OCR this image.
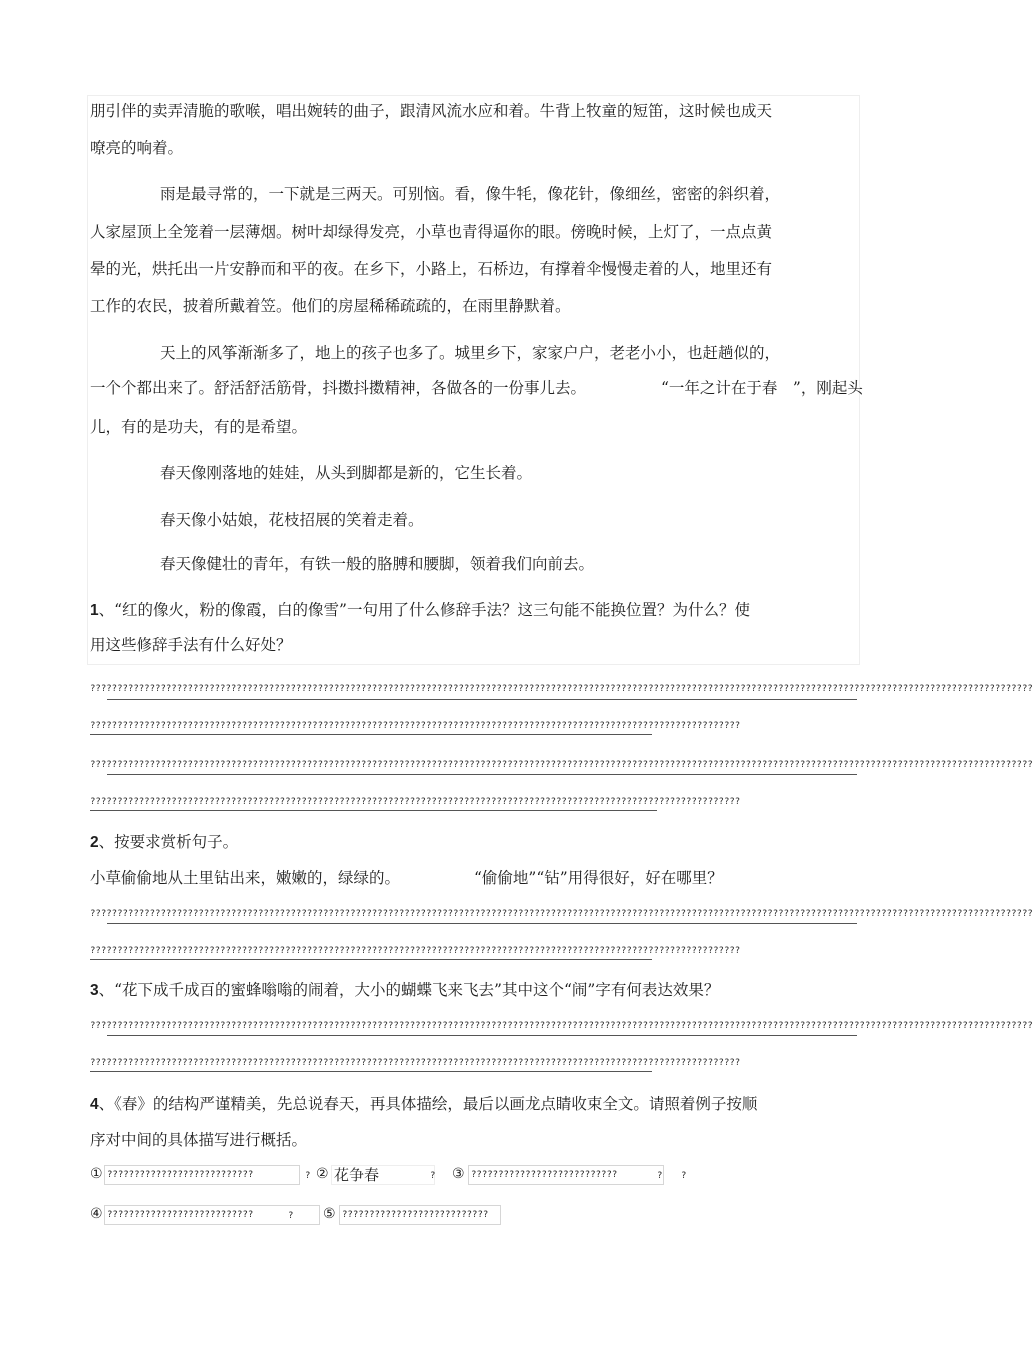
朋引伴的卖弄清脆的歌喉，唱出婉转的曲子，跟清风流水应和着。牛背上牧童的短笛，这时候也成天
嘹亮的响着。
雨是最寻常的，一下就是三两天。可别恼。看，像牛牦，像花针，像细丝，密密的斜织着，
人家屋顶上全笼着一层薄烟。树叶却绿得发亮，小草也青得逼你的眼。傍晚时候，上灯了，一点点黄
晕的光，烘托出一片安静而和平的夜。在乡下，小路上，石桥边，有撑着伞慢慢走着的人，地里还有
工作的农民，披着所戴着笠。他们的房屋稀稀疏疏的，在雨里静默着。
天上的风筝渐渐多了，地上的孩子也多了。城里乡下，家家户户，老老小小，也赶趟似的，
一个个都出来了。舒活舒活筋骨，抖擞抖擞精神，各做各的一份事儿去。	“一年之计在于春　”，刚起头
儿，有的是功夫，有的是希望。
春天像刚落地的娃娃，从头到脚都是新的，它生长着。
春天像小姑娘，花枝招展的笑着走着。
春天像健壮的青年，有铁一般的胳膊和腰脚，领着我们向前去。
1、“红的像火，粉的像霞，白的像雪”一句用了什么修辞手法？这三句能不能换位置？为什么？使
用这些修辞手法有什么好处？
??????????????????????????????????????????????????????????????????????????????????????????????????????????????????????????????????????????????????????????????????????????????
????????????????????????????????????????????????????????????????????????????????????????????????????????????????????????
??????????????????????????????????????????????????????????????????????????????????????????????????????????????????????????????????????????????????????????????????????????????
????????????????????????????????????????????????????????????????????????????????????????????????????????????????????????
2、按要求赏析句子。
小草偷偷地从土里钻出来，嫩嫩的，绿绿的。	“偷偷地”“钻”用得很好，好在哪里？
??????????????????????????????????????????????????????????????????????????????????????????????????????????????????????????????????????????????????????????????????????????????
????????????????????????????????????????????????????????????????????????????????????????????????????????????????????????
3、“花下成千成百的蜜蜂嗡嗡的闹着，大小的蝴蝶飞来飞去”其中这个“闹”字有何表达效果？
??????????????????????????????????????????????????????????????????????????????????????????????????????????????????????????????????????????????????????????????????????????????
????????????????????????????????????????????????????????????????????????????????????????????????????????????????????????
4、《春》的结构严谨精美，先总说春天，再具体描绘，最后以画龙点睛收束全文。请照着例子按顺
序对中间的具体描写进行概括。
① ???????????????????????????	? ② 花争春	? ③ ???????????????????????????	? ?
④ ???????????????????????????	? ⑤ ???????????????????????????
